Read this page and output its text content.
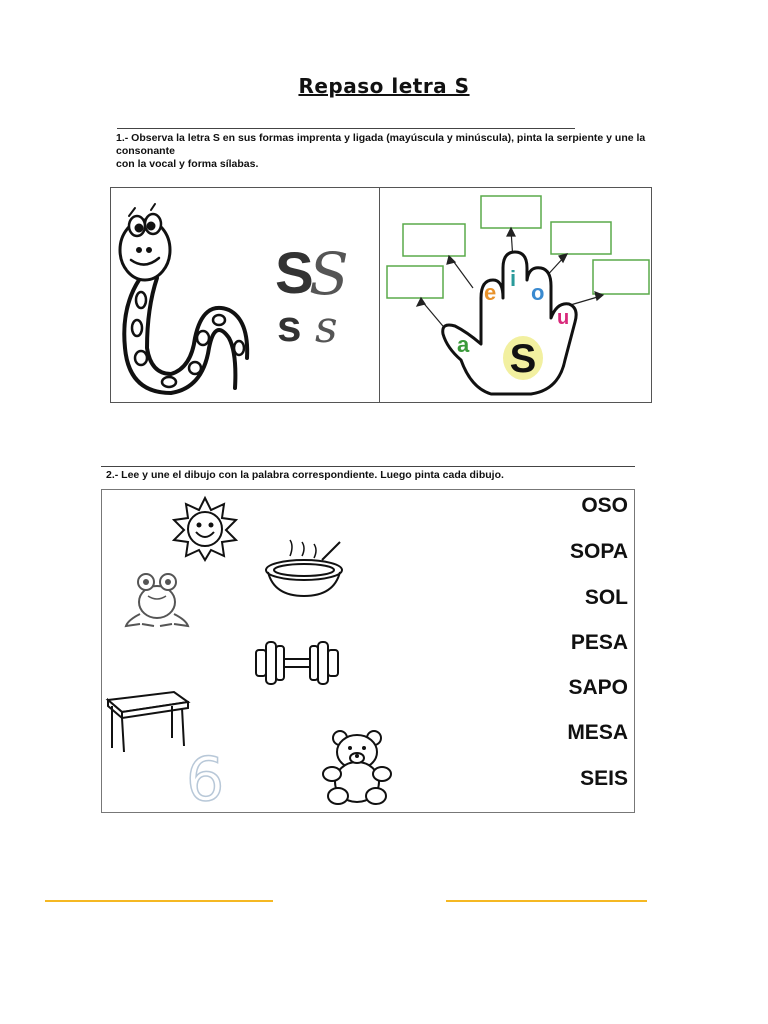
Repaso letra S
1.- Observa la letra S en sus formas imprenta y ligada (mayúscula y minúscula), pinta la serpiente y une la consonante
con la vocal y forma sílabas.
S
S
s s
S
a
e
i
o
u
2.- Lee y une el dibujo con la palabra correspondiente. Luego pinta cada dibujo.
OSO
SOPA
SOL
PESA
SAPO
MESA
SEIS
6
